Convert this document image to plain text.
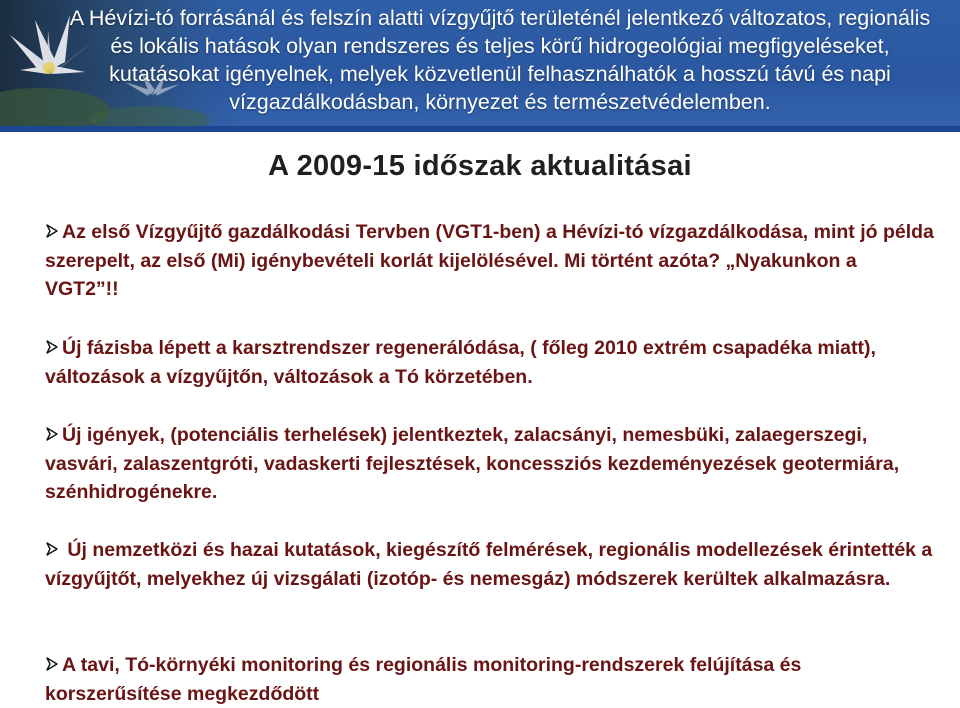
A Hévízi-tó forrásánál és felszín alatti vízgyűjtő területénél jelentkező változatos, regionális és lokális hatások olyan rendszeres és teljes körű hidrogeológiai megfigyeléseket, kutatásokat igényelnek, melyek közvetlenül felhasználhatók a hosszú távú és napi vízgazdálkodásban, környezet és természetvédelemben.
A 2009-15 időszak aktualitásai
Az első Vízgyűjtő gazdálkodási Tervben (VGT1-ben) a Hévízi-tó vízgazdálkodása, mint jó példa szerepelt, az első (Mi) igénybevételi korlát kijelölésével. Mi történt azóta? „Nyakunkon a VGT2”!!
Új fázisba lépett a karsztrendszer regenerálódása, ( főleg 2010 extrém csapadéka miatt), változások a vízgyűjtőn, változások a Tó körzetében.
Új igények, (potenciális terhelések) jelentkeztek, zalacsányi, nemesbüki, zalaegerszegi, vasvári, zalaszentgróti, vadaskerti fejlesztések, koncessziós kezdeményezések geotermiára, szénhidrogénekre.
Új nemzetközi és hazai kutatások, kiegészítő felmérések, regionális modellezések érintették a vízgyűjtőt, melyekhez új vizsgálati (izotóp- és nemesgáz) módszerek kerültek alkalmazásra.
A tavi, Tó-környéki monitoring és regionális monitoring-rendszerek felújítása és korszerűsítése megkezdődött
